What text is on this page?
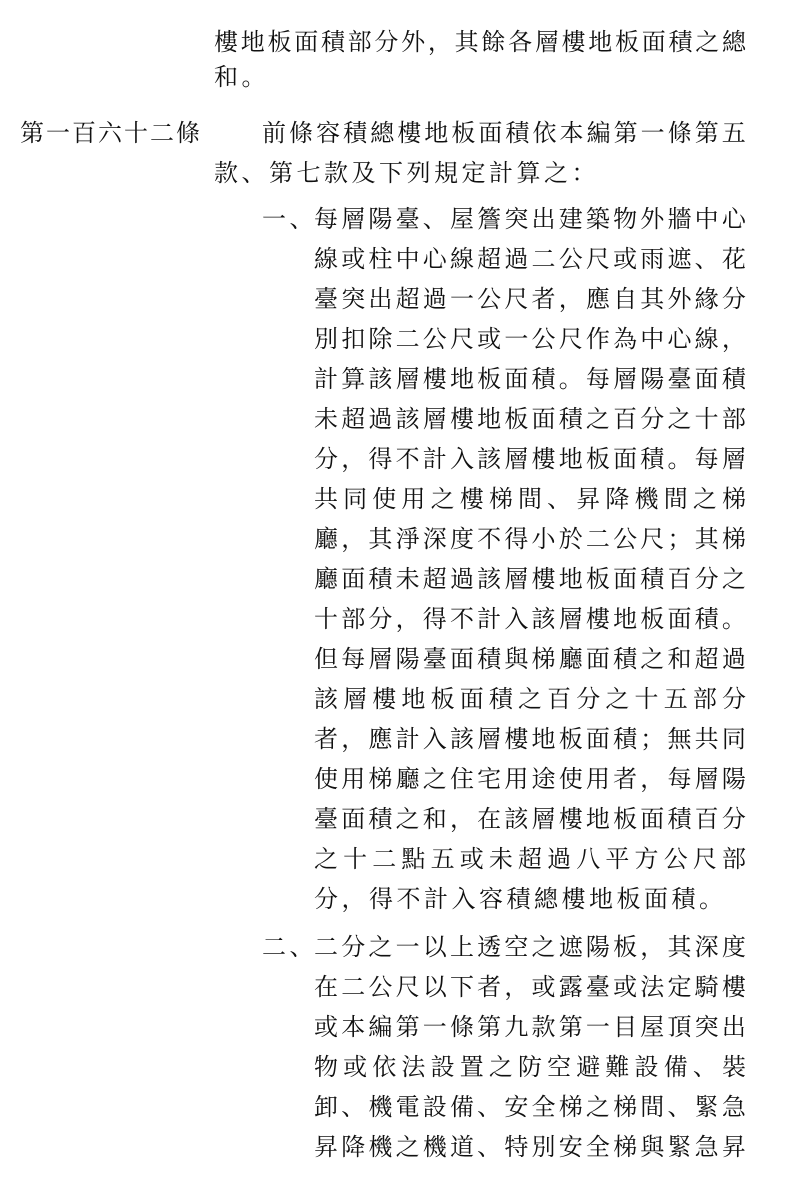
樓 地 板 面 積 部 分 外 ， 其 餘 各 層 樓 地 板 面 積 之 總
和。
第一百六十二條	前 條 容 積 總 樓 地 板 面 積 依 本 編 第 一 條 第 五
款、第七款及下列規定計算之：
一、
每 層 陽 臺 、 屋 簷 突 出 建 築 物 外 牆 中 心
線 或 柱 中 心 線 超 過 二 公 尺 或 雨 遮 、 花
臺 突 出 超 過 一 公 尺 者 ， 應 自 其 外 緣 分
別 扣 除 二 公 尺 或 一 公 尺 作 為 中 心 線 ，
計 算 該 層 樓 地 板 面 積 。 每 層 陽 臺 面 積
未 超 過 該 層 樓 地 板 面 積 之 百 分 之 十 部
分 ， 得 不 計 入 該 層 樓 地 板 面 積 。 每 層
共 同 使 用 之 樓 梯 間 、 昇 降 機 間 之 梯
廳 ， 其 淨 深 度 不 得 小 於 二 公 尺 ； 其 梯
廳 面 積 未 超 過 該 層 樓 地 板 面 積 百 分 之
十 部 分 ， 得 不 計 入 該 層 樓 地 板 面 積 。
但 每 層 陽 臺 面 積 與 梯 廳 面 積 之 和 超 過
該 層 樓 地 板 面 積 之 百 分 之 十 五 部 分
者 ， 應 計 入 該 層 樓 地 板 面 積 ； 無 共 同
使 用 梯 廳 之 住 宅 用 途 使 用 者 ， 每 層 陽
臺 面 積 之 和 ， 在 該 層 樓 地 板 面 積 百 分
之 十 二 點 五 或 未 超 過 八 平 方 公 尺 部
分，得不計入容積總樓地板面積。
二、
二 分 之 一 以 上 透 空 之 遮 陽 板 ， 其 深 度
在 二 公 尺 以 下 者 ， 或 露 臺 或 法 定 騎 樓
或 本 編 第 一 條 第 九 款 第 一 目 屋 頂 突 出
物 或 依 法 設 置 之 防 空 避 難 設 備 、 裝
卸 、 機 電 設 備 、 安 全 梯 之 梯 間 、 緊 急
昇 降 機 之 機 道 、 特 別 安 全 梯 與 緊 急 昇
